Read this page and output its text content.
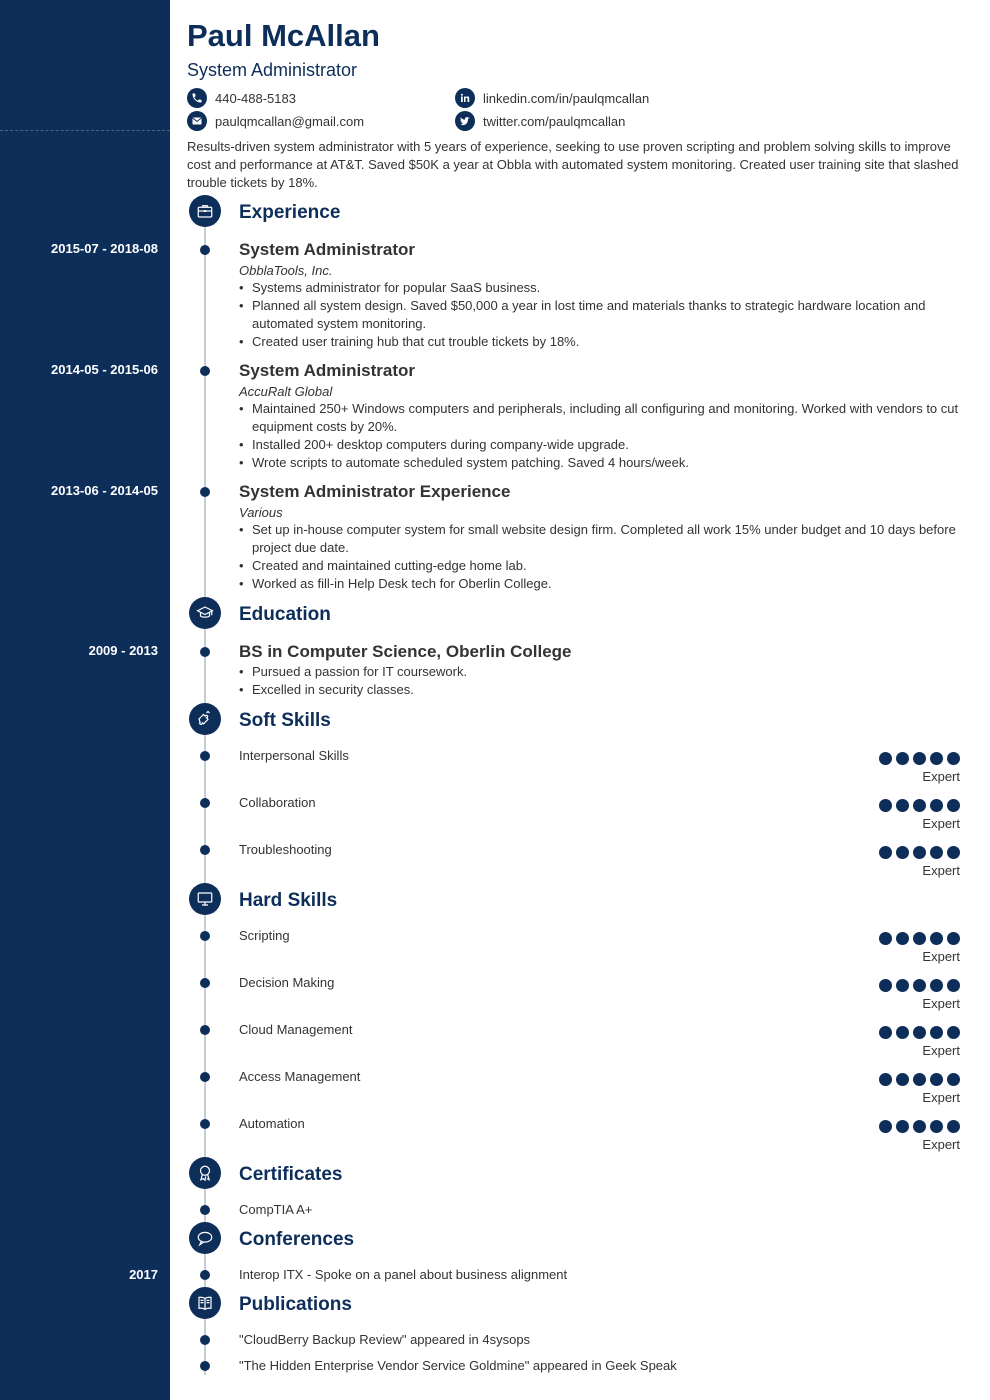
Paul McAllan
System Administrator
440-488-5183
paulqmcallan@gmail.com
linkedin.com/in/paulqmcallan
twitter.com/paulqmcallan
Results-driven system administrator with 5 years of experience, seeking to use proven scripting and problem solving skills to improve cost and performance at AT&T. Saved $50K a year at Obbla with automated system monitoring. Created user training site that slashed trouble tickets by 18%.
Experience
2015-07 - 2018-08	System Administrator
ObblaTools, Inc.
• Systems administrator for popular SaaS business.
• Planned all system design. Saved $50,000 a year in lost time and materials thanks to strategic hardware location and automated system monitoring.
• Created user training hub that cut trouble tickets by 18%.
2014-05 - 2015-06	System Administrator
AccuRalt Global
• Maintained 250+ Windows computers and peripherals, including all configuring and monitoring. Worked with vendors to cut equipment costs by 20%.
• Installed 200+ desktop computers during company-wide upgrade.
• Wrote scripts to automate scheduled system patching. Saved 4 hours/week.
2013-06 - 2014-05	System Administrator Experience
Various
• Set up in-house computer system for small website design firm. Completed all work 15% under budget and 10 days before project due date.
• Created and maintained cutting-edge home lab.
• Worked as fill-in Help Desk tech for Oberlin College.
Education
2009 - 2013	BS in Computer Science, Oberlin College
• Pursued a passion for IT coursework.
• Excelled in security classes.
Soft Skills
Interpersonal Skills
Expert
Collaboration
Expert
Troubleshooting
Expert
Hard Skills
Scripting
Expert
Decision Making
Expert
Cloud Management
Expert
Access Management
Expert
Automation
Expert
Certificates
CompTIA A+
Conferences
2017	Interop ITX - Spoke on a panel about business alignment
Publications
"CloudBerry Backup Review" appeared in 4sysops
"The Hidden Enterprise Vendor Service Goldmine" appeared in Geek Speak
